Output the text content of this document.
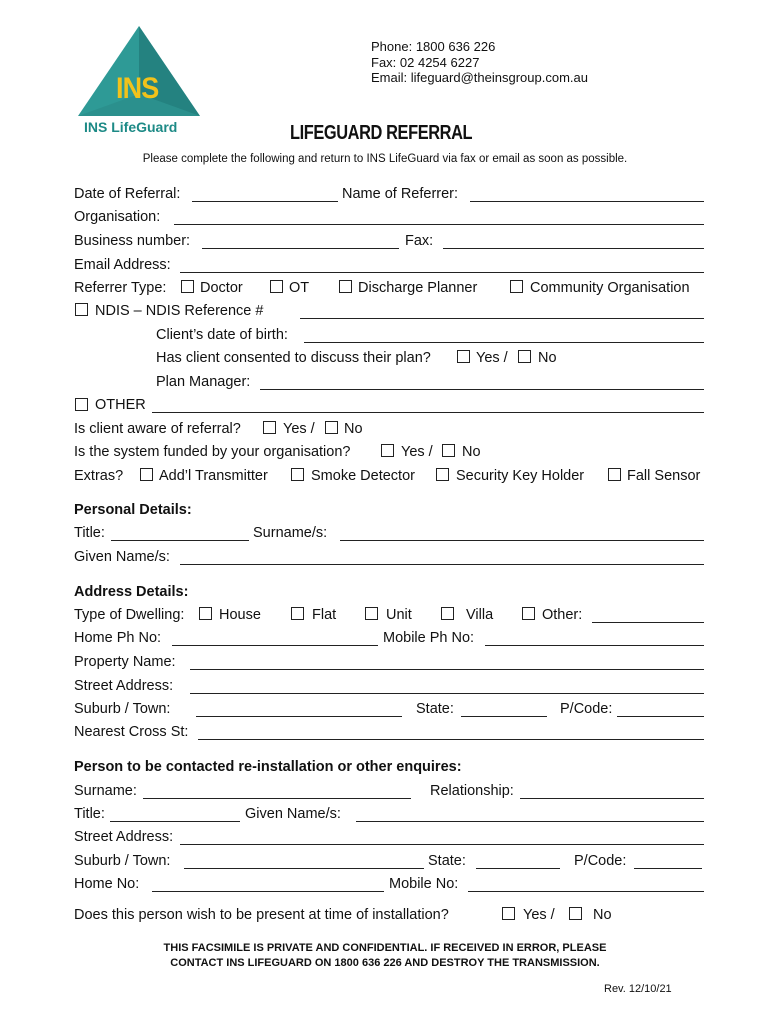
INS
INS LifeGuard
Phone: 1800 636 226
Fax: 02 4254 6227
Email: lifeguard@theinsgroup.com.au
LIFEGUARD REFERRAL
Please complete the following and return to INS LifeGuard via fax or email as soon as possible.
Date of Referral:	Name of Referrer:
Organisation:
Business number:	Fax:
Email Address:
Referrer Type: Doctor	OT	Discharge Planner	Community Organisation
NDIS – NDIS Reference #
Client’s date of birth:
Has client consented to discuss their plan?	Yes / No
Plan Manager:
OTHER
Is client aware of referral?	Yes / No
Is the system funded by your organisation?	Yes / No
Extras? Add’l Transmitter	Smoke Detector	Security Key Holder	Fall Sensor
Personal Details:
Title:	Surname/s:
Given Name/s:
Address Details:
Type of Dwelling: House	Flat	Unit	Villa	Other:
Home Ph No:	Mobile Ph No:
Property Name:
Street Address:
Suburb / Town:	State:	P/Code:
Nearest Cross St:
Person to be contacted re-installation or other enquires:
Surname:	Relationship:
Title:	Given Name/s:
Street Address:
Suburb / Town:	State:	P/Code:
Home No:	Mobile No:
Does this person wish to be present at time of installation?	Yes /	No
THIS FACSIMILE IS PRIVATE AND CONFIDENTIAL. IF RECEIVED IN ERROR, PLEASE
CONTACT INS LIFEGUARD ON 1800 636 226 AND DESTROY THE TRANSMISSION.
Rev. 12/10/21
